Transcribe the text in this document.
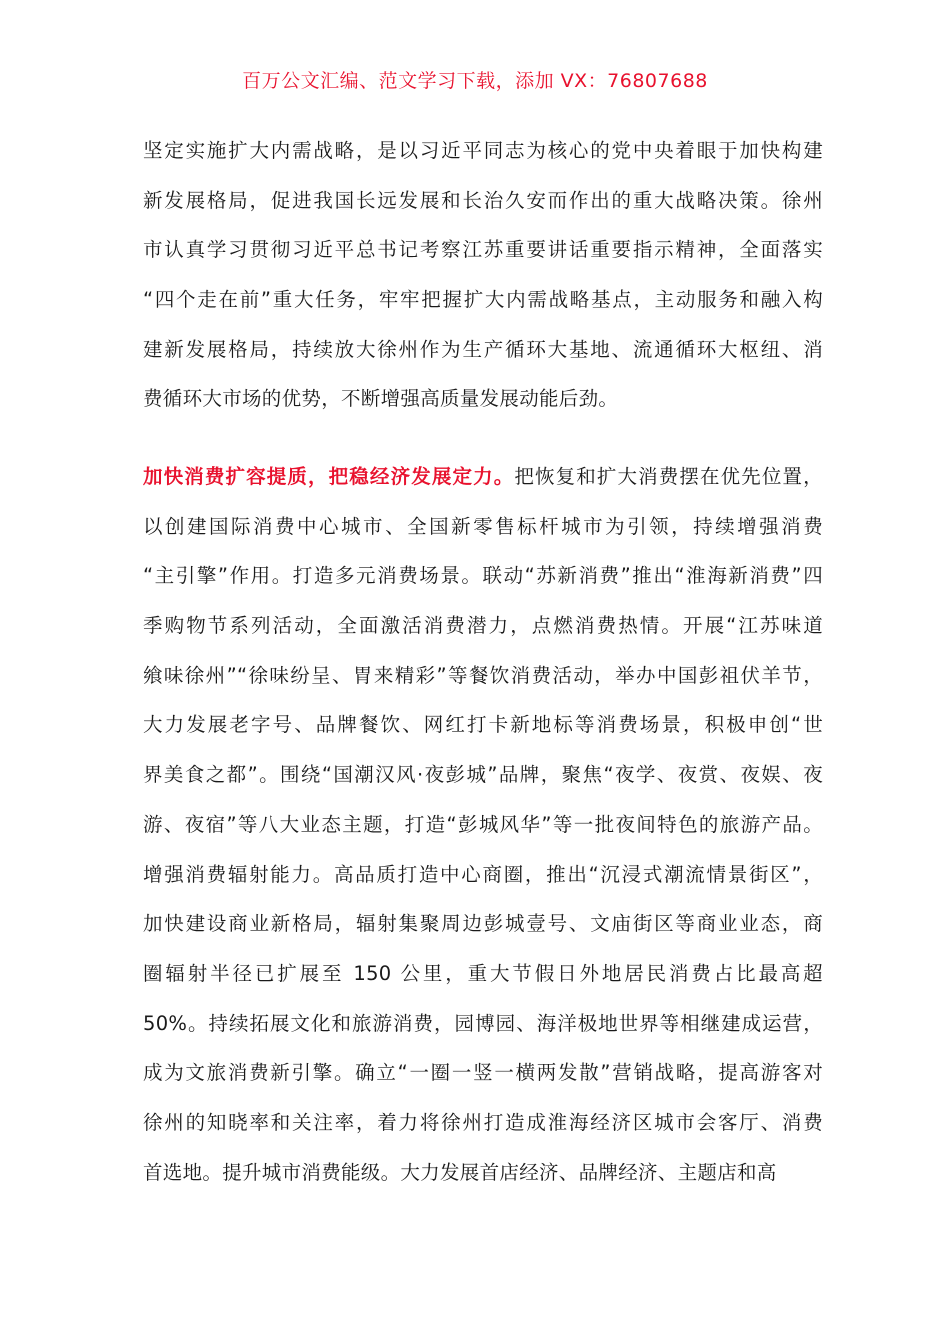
百万公文汇编、范文学习下载，添加 VX：76807688
坚定实施扩大内需战略，是以习近平同志为核心的党中央着眼于加快构建
新发展格局，促进我国长远发展和长治久安而作出的重大战略决策。徐州
市认真学习贯彻习近平总书记考察江苏重要讲话重要指示精神，全面落实
“四个走在前”重大任务，牢牢把握扩大内需战略基点，主动服务和融入构
建新发展格局，持续放大徐州作为生产循环大基地、流通循环大枢纽、消
费循环大市场的优势，不断增强高质量发展动能后劲。
加快消费扩容提质，把稳经济发展定力。把恢复和扩大消费摆在优先位置，
以创建国际消费中心城市、全国新零售标杆城市为引领，持续增强消费
“主引擎”作用。打造多元消费场景。联动“苏新消费”推出“淮海新消费”四
季购物节系列活动，全面激活消费潜力，点燃消费热情。开展“江苏味道
飨味徐州”“徐味纷呈、胃来精彩”等餐饮消费活动，举办中国彭祖伏羊节，
大力发展老字号、品牌餐饮、网红打卡新地标等消费场景，积极申创“世
界美食之都”。围绕“国潮汉风·夜彭城”品牌，聚焦“夜学、夜赏、夜娱、夜
游、夜宿”等八大业态主题，打造“彭城风华”等一批夜间特色的旅游产品。
增强消费辐射能力。高品质打造中心商圈，推出“沉浸式潮流情景街区”，
加快建设商业新格局，辐射集聚周边彭城壹号、文庙街区等商业业态，商
圈辐射半径已扩展至 150 公里，重大节假日外地居民消费占比最高超
50%。持续拓展文化和旅游消费，园博园、海洋极地世界等相继建成运营，
成为文旅消费新引擎。确立“一圈一竖一横两发散”营销战略，提高游客对
徐州的知晓率和关注率，着力将徐州打造成淮海经济区城市会客厅、消费
首选地。提升城市消费能级。大力发展首店经济、品牌经济、主题店和高
